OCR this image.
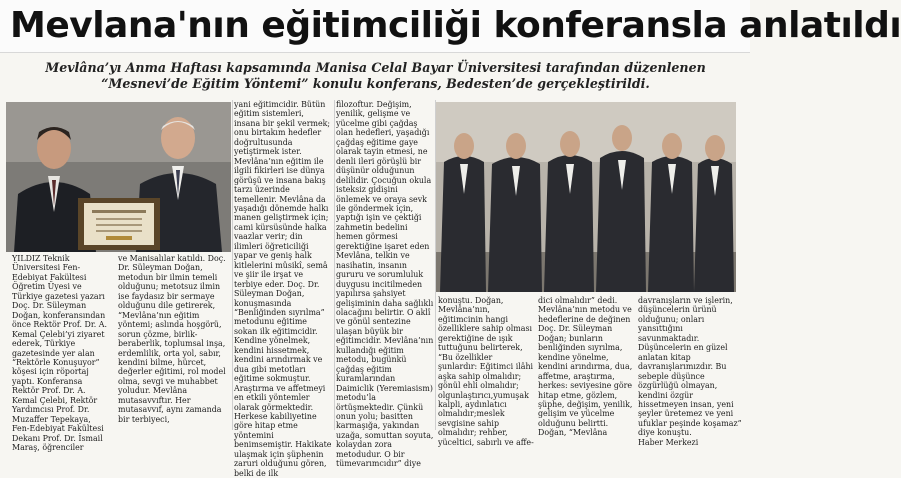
Mevlana'nın eğitimciliği konferansla anlatıldı
Mevlâna’yı Anma Haftası kapsamında Manisa Celal Bayar Üniversitesi tarafından düzenlenen “Mesnevi’de Eğitim Yöntemi” konulu konferans, Bedesten’de gerçekleştirildi.

YILDIZ Teknik Üniversitesi Fen-Edebiyat Fakültesi Öğretim Üyesi ve Türkiye gazetesi yazarı Doç. Dr. Süleyman Doğan, konferansından önce Rektör Prof. Dr. A. Kemal Çelebi’yi ziyaret ederek, Türkiye gazetesinde yer alan “Rektörle Konuşuyor” köşesi için röportaj yaptı. Konferansa Rektör Prof. Dr. A. Kemal Çelebi, Rektör Yardımcısı Prof. Dr. Muzaffer Tepekaya, Fen-Edebiyat Fakültesi Dekanı Prof. Dr. İsmail Maraş, öğrenciler

ve Manisalılar katıldı. Doç. Dr. Süleyman Doğan, metodun bir ilmin temeli olduğunu; metotsuz ilmin ise faydasız bir sermaye olduğunu dile getirerek, “Mevlâna’nın eğitim yöntemi; aslında hoşgörü, sorun çözme, birlik-beraberlik, toplumsal inşa, erdemlilik, orta yol, sabır, kendini bilme, hürcet, değerler eğitimi, rol model olma, sevgi ve muhabbet yoludur. Mevlâna mutasavvıftır. Her mutasavvıf, aynı zamanda bir terbiyeci,

yani eğitimcidir. Bütün eğitim sistemleri, insana bir şekil vermek; onu birtakım hedefler doğrultusunda yetiştirmek ister. Mevlâna’nın eğitim ile ilgili fikirleri ise dünya görüşü ve insana bakış tarzı üzerinde temellenir. Mevlâna da yaşadığı dönemde halkı manen geliştirmek için; cami kürsüsünde halka vaazlar verir; din ilimleri öğreticiliği yapar ve geniş halk kitlelerini mûsikî, semâ ve şiir ile irşat ve terbiye eder. Doç. Dr. Süleyman Doğan, konuşmasında “Benliğinden sıyrılma” metodunu eğitime sokan ilk eğitimcidir. Kendine yönelmek, kendini hissetmek, kendini arındırmak ve dua gibi metotları eğitime sokmuştur. Araştırma ve affetmeyi en etkili yöntemler olarak görmektedir. Herkese kabiliyetine göre hitap etme yöntemini benimsemiştir. Hakikate ulaşmak için şüphenin zaruri olduğunu gören, belki de ilk

filozoftur. Değişim, yenilik, gelişme ve yücelme gibi çağdaş olan hedefleri, yaşadığı çağdaş eğitime gaye olarak tayin etmesi, ne denli ileri görüşlü bir düşünür olduğunun delilidir. Çocuğun okula isteksiz gidişini önlemek ve oraya sevk ile göndermek için, yaptığı işin ve çektiği zahmetin bedelini hemen görmesi gerektiğine işaret eden Mevlâna, telkin ve nasihatin, insanın gururu ve sorumluluk duygusu incitilmeden yapılırsa şahsiyet gelişiminin daha sağlıklı olacağını belirtir. O aklî ve gönül sentezine ulaşan büyük bir eğitimcidir. Mevlâna’nın kullandığı eğitim metodu, bugünkü çağdaş eğitim kuramlarından Daimiclik (Yeremiasism) metodu’la örtüşmektedir. Çünkü onun yolu; basitten karmaşığa, yakından uzağa, somuttan soyuta, kolaydan zora metodudur. O bir tümevarımcıdır” diye

konuştu. Doğan, Mevlâna’nın, eğitimcinin hangi özelliklere sahip olması gerektiğine de ışık tuttuğunu belirterek, “Bu özellikler şunlardır: Eğitimci ilâhi aşka sahip olmalıdır; gönül ehli olmalıdır; olgunlaştırıcı,yumuşak kalpli, aydınlatıcı olmalıdır;meslek sevgisine sahip olmalıdır; rehber, yüceltici, sabırlı ve affe-

dici olmalıdır” dedi. Mevlâna’nın metodu ve hedeflerine de değinen Doç. Dr. Süleyman Doğan; bunların benliğinden sıyrılma, kendine yönelme, kendini arındırma, dua, affetme, araştırma, herkes: seviyesine göre hitap etme, gözlem, şüphe, değişim, yenilik, gelişim ve yücelme olduğunu belirtti. Doğan, “Mevlâna

davranışların ve işlerin, düşüncelerin ürünü olduğunu; onları yansıttığını savunmaktadır. Düşüncelerin en güzel anlatan kitap davranışlarımızdır. Bu sebeple düşünce özgürlüğü olmayan, kendini özgür hissetmeyen insan, yeni şeyler üretemez ve yeni ufuklar peşinde koşamaz” diye konuştu.
Haber Merkezi
